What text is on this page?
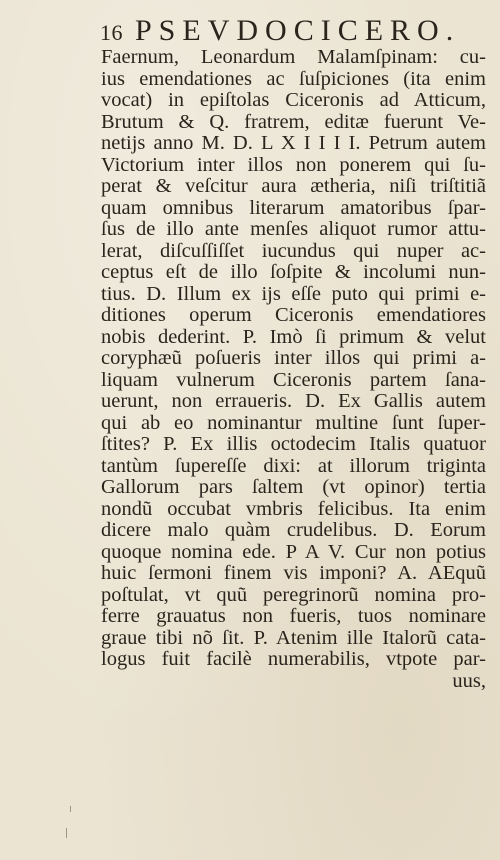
16 PSEVDOCICERO.
Faernum, Leonardum Malamſpinam: cu-
ius emendationes ac ſuſpiciones (ita enim
vocat) in epiſtolas Ciceronis ad Atticum,
Brutum & Q. fratrem, editæ fuerunt Ve-
netijs anno M. D. L X I I I I. Petrum autem
Victorium inter illos non ponerem qui ſu-
perat & veſcitur aura ætheria, niſi triſtitiã
quam omnibus literarum amatoribus ſpar-
ſus de illo ante menſes aliquot rumor attu-
lerat, diſcuſſiſſet iucundus qui nuper ac-
ceptus eſt de illo ſoſpite & incolumi nun-
tius. D. Illum ex ijs eſſe puto qui primi e-
ditiones operum Ciceronis emendatiores
nobis dederint. P. Imò ſi primum & velut
coryphæũ poſueris inter illos qui primi a-
liquam vulnerum Ciceronis partem ſana-
uerunt, non erraueris. D. Ex Gallis autem
qui ab eo nominantur multine ſunt ſuper-
ſtites? P. Ex illis octodecim Italis quatuor
tantùm ſupereſſe dixi: at illorum triginta
Gallorum pars ſaltem (vt opinor) tertia
nondũ occubat vmbris felicibus. Ita enim
dicere malo quàm crudelibus. D. Eorum
quoque nomina ede. P A V. Cur non potius
huic ſermoni finem vis imponi? A. AEquũ
poſtulat, vt quũ peregrinorũ nomina pro-
ferre grauatus non fueris, tuos nominare
graue tibi nõ ſit. P. Atenim ille Italorũ cata-
logus fuit facilè numerabilis, vtpote par-
uus,
